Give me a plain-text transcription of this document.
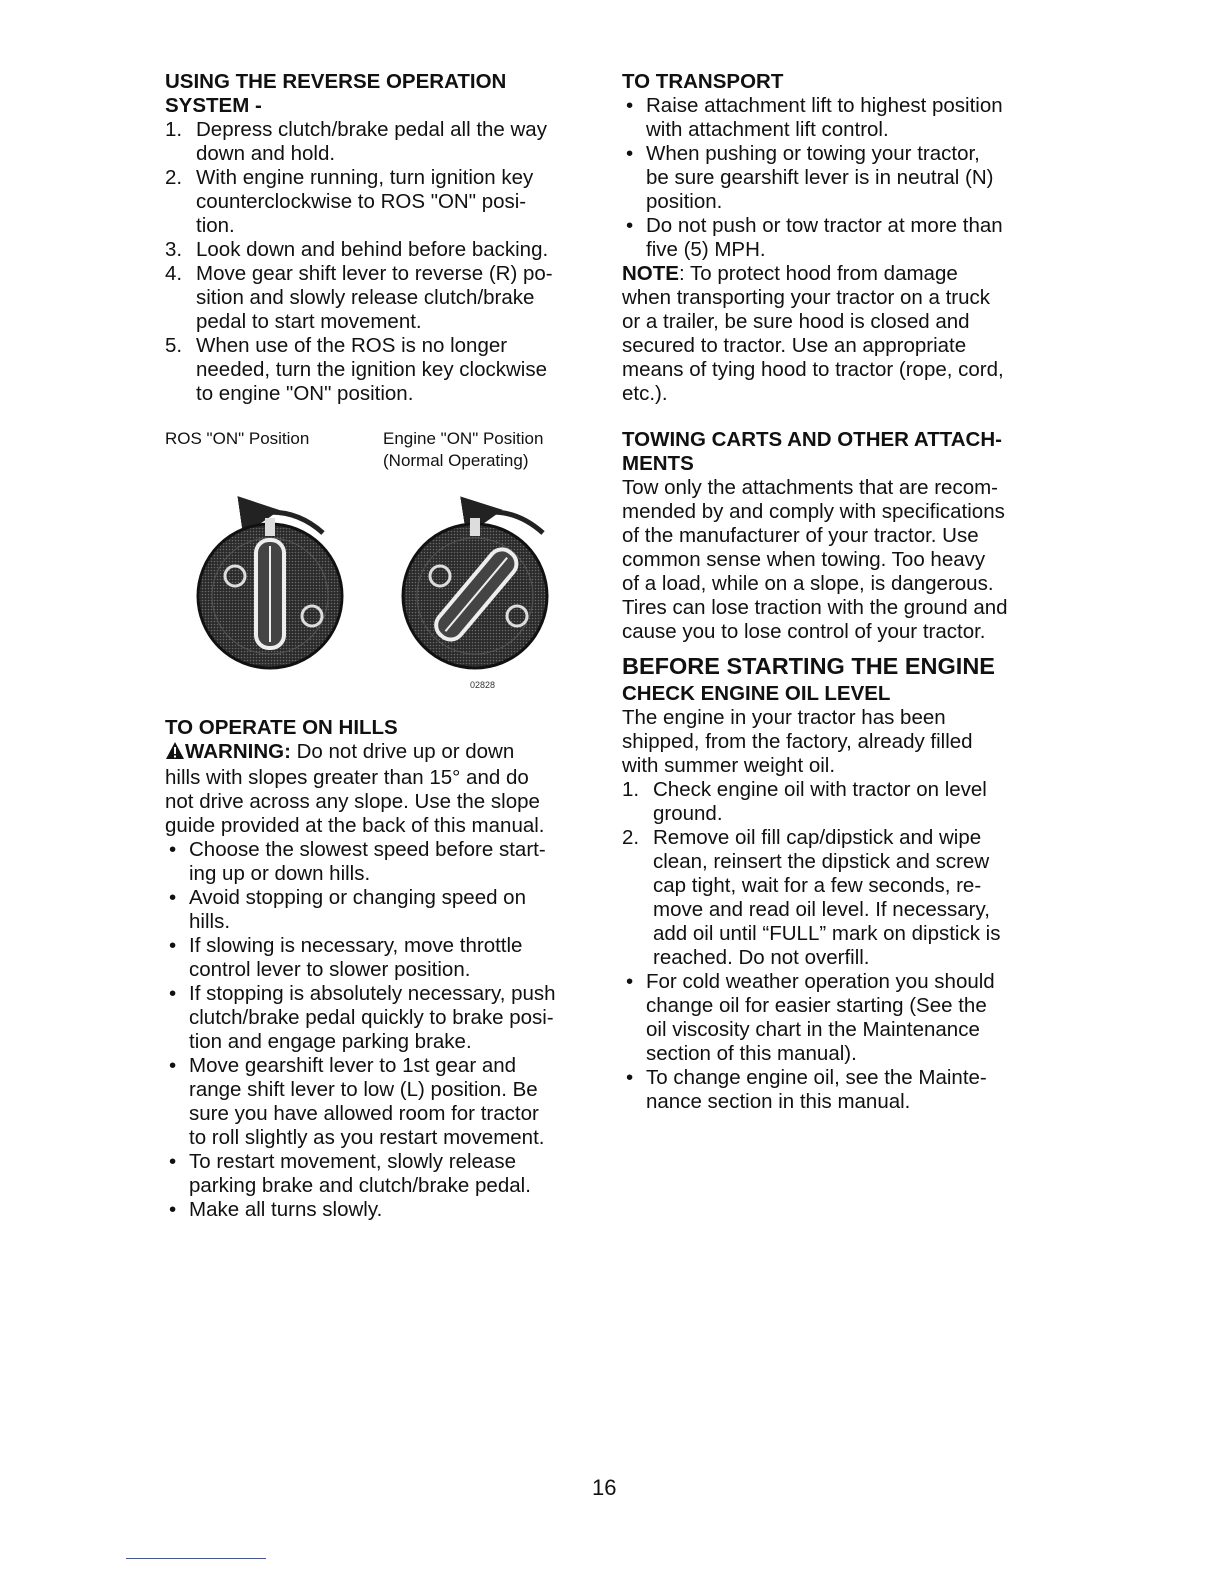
USING THE REVERSE OPERATION
SYSTEM -
1. Depress clutch/brake pedal all the way
down and hold.
2. With engine running, turn ignition key
counterclockwise to ROS "ON" posi-
tion.
3. Look down and behind before backing.
4. Move gear shift lever to reverse (R) po-
sition and slowly release clutch/brake
pedal to start movement.
5. When use of the ROS is no longer
needed, turn the ignition key clockwise
to engine "ON" position.
ROS "ON" Position	Engine "ON" Position
(Normal Operating)
02828
TO OPERATE ON HILLS

WARNING: Do not drive up or down
hills with slopes greater than 15° and do
not drive across any slope. Use the slope
guide provided at the back of this manual.

• Choose the slowest speed before start-
ing up or down hills.
• Avoid stopping or changing speed on
hills.
• If slowing is necessary, move throttle
control lever to slower position.
• If stopping is absolutely necessary, push
clutch/brake pedal quickly to brake posi-
tion and engage parking brake.
• Move gearshift lever to 1st gear and
range shift lever to low (L) position. Be
sure you have allowed room for tractor
to roll slightly as you restart movement.
• To restart movement, slowly release
parking brake and clutch/brake pedal.
• Make all turns slowly.
TO TRANSPORT
• Raise attachment lift to highest position
with attachment lift control.
• When pushing or towing your tractor,
be sure gearshift lever is in neutral (N)
position.
• Do not push or tow tractor at more than
five (5) MPH.

NOTE: To protect hood from damage
when transporting your tractor on a truck
or a trailer, be sure hood is closed and
secured to tractor. Use an appropriate
means of tying hood to tractor (rope, cord,
etc.).

TOWING CARTS AND OTHER ATTACH-
MENTS

Tow only the attachments that are recom-
mended by and comply with specifications
of the manufacturer of your tractor. Use
common sense when towing. Too heavy
of a load, while on a slope, is dangerous.
Tires can lose traction with the ground and
cause you to lose control of your tractor.

BEFORE STARTING THE ENGINE
CHECK ENGINE OIL LEVEL

The engine in your tractor has been
shipped, from the factory, already filled
with summer weight oil.

1. Check engine oil with tractor on level
ground.
2. Remove oil fill cap/dipstick and wipe
clean, reinsert the dipstick and screw
cap tight, wait for a few seconds, re-
move and read oil level. If necessary,
add oil until “FULL” mark on dipstick is
reached. Do not overfill.
• For cold weather operation you should
change oil for easier starting (See the
oil viscosity chart in the Maintenance
section of this manual).
• To change engine oil, see the Mainte-
nance section in this manual.
16
